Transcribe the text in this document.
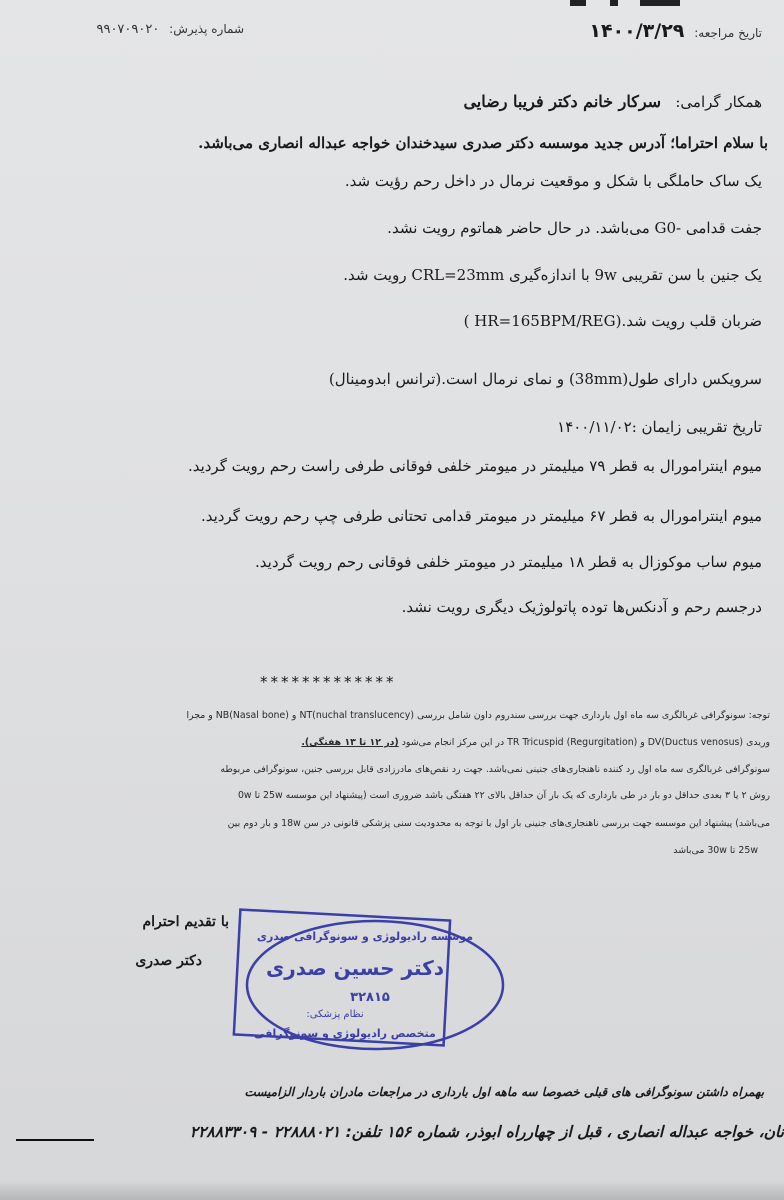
تاریخ مراجعه: ۱۴۰۰/۳/۲۹
شماره پذیرش: ۹۹۰۷۰۹۰۲۰
همکار گرامی:   سرکار خانم دکتر فریبا رضایی
با سلام احتراما؛ آدرس جدید موسسه دکتر صدری سیدخندان خواجه عبداله انصاری می‌باشد.
یک ساک حاملگی با شکل و موقعیت نرمال در داخل رحم رؤیت شد.
جفت قدامی -G0 می‌باشد. در حال حاضر هماتوم رویت نشد.
یک جنین با سن تقریبی 9w با اندازه‌گیری CRL=23mm رویت شد.
ضربان قلب رویت شد.(HR=165BPM/REG )
سرویکس دارای طول(38mm) و نمای نرمال است.(ترانس ابدومینال)
تاریخ تقریبی زایمان :۱۴۰۰/۱۱/۰۲
میوم اینترامورال به قطر ۷۹ میلیمتر در میومتر خلفی فوقانی طرفی راست رحم رویت گردید.
میوم اینترامورال به قطر ۶۷ میلیمتر در میومتر قدامی تحتانی طرفی چپ رحم رویت گردید.
میوم ساب موکوزال به قطر ۱۸ میلیمتر در میومتر خلفی فوقانی رحم رویت گردید.
درجسم رحم و آدنکس‌ها توده پاتولوژیک دیگری رویت نشد.
*************
توجه: سونوگرافی غربالگری سه ماه اول بارداری جهت بررسی سندروم داون شامل بررسی NT(nuchal translucency) و NB(Nasal bone) و مجرا
وریدی DV(Ductus venosus) و TR Tricuspid (Regurgitation) در این مرکز انجام می‌شود (در ۱۲ تا ۱۳ هفتگی).
سونوگرافی غربالگری سه ماه اول رد کننده ناهنجاری‌های جنینی نمی‌باشد. جهت رد نقص‌های مادرزادی قابل بررسی جنین، سونوگرافی مربوطه
روش ۲ یا ۳ بعدی حداقل دو بار در طی بارداری که یک بار آن حداقل بالای ۲۲ هفتگی باشد ضروری است (پیشنهاد این موسسه 25w تا 0w
می‌باشد) پیشنهاد این موسسه جهت بررسی ناهنجاری‌های جنینی بار اول با توجه به محدودیت سنی پزشکی قانونی در سن 18w و بار دوم بین
25w تا 30w می‌باشد
با تقدیم احترام
دکتر صدری
موسسه رادیولوژی و سونوگرافی صدری
دکتر حسین صدری
۳۲۸۱۵
نظام پزشکی:
متخصص رادیولوژی و سونوگرافی
بهمراه داشتن سونوگرافی های قبلی خصوصا سه ماهه اول بارداری در مراجعات مادران باردار الزامیست
نان، خواجه عبداله انصاری ، قبل از چهارراه ابوذر، شماره ۱۵۶ تلفن: ۲۲۸۸۸۰۲۱ - ۲۲۸۸۳۳۰۹
